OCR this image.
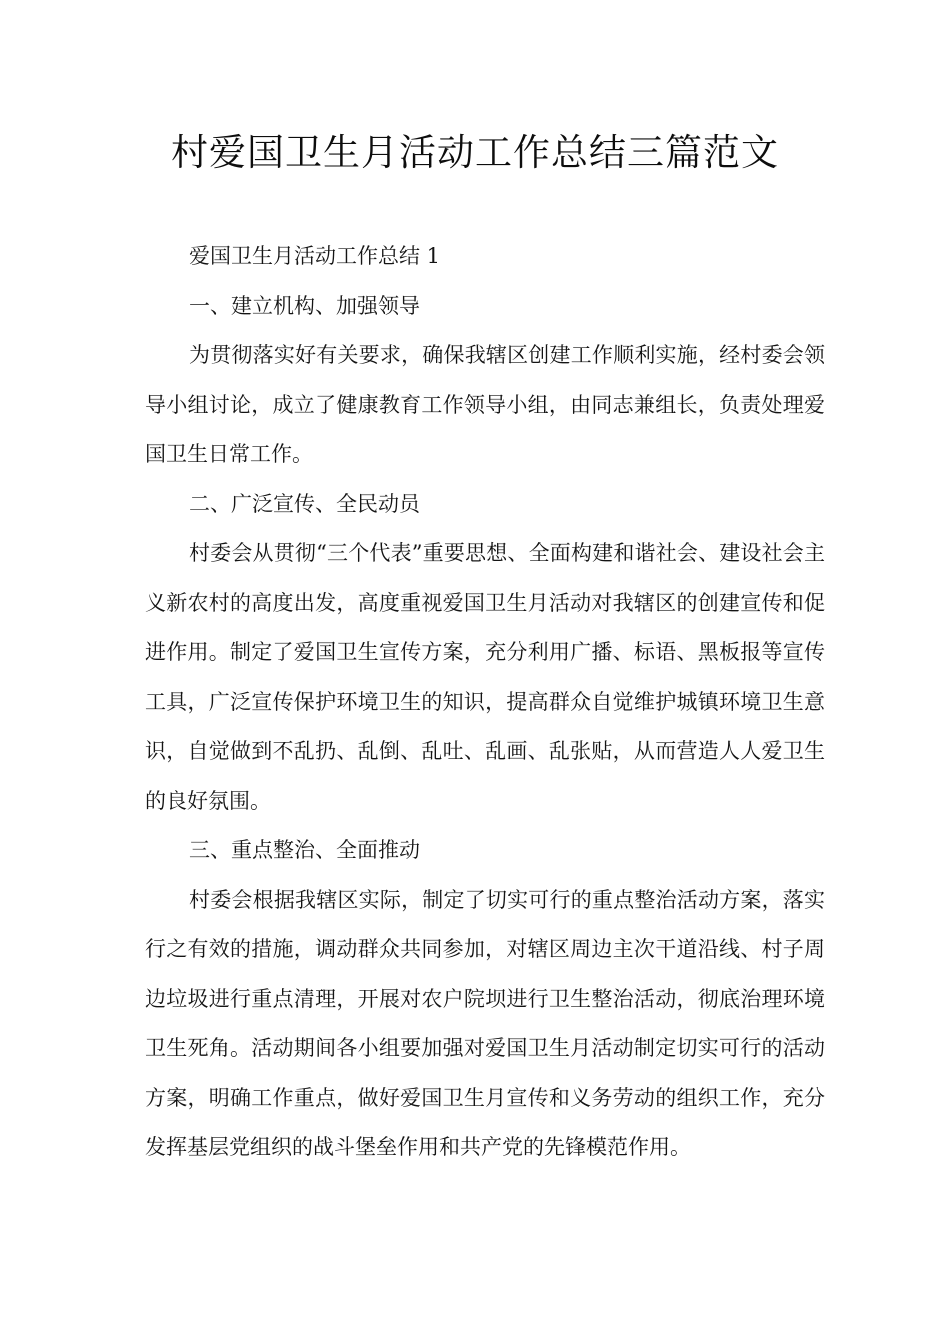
村爱国卫生月活动工作总结三篇范文

爱国卫生月活动工作总结 1

一、建立机构、加强领导

为贯彻落实好有关要求，确保我辖区创建工作顺利实施，经村委会领导小组讨论，成立了健康教育工作领导小组，由同志兼组长，负责处理爱国卫生日常工作。

二、广泛宣传、全民动员

村委会从贯彻“三个代表”重要思想、全面构建和谐社会、建设社会主义新农村的高度出发，高度重视爱国卫生月活动对我辖区的创建宣传和促进作用。制定了爱国卫生宣传方案，充分利用广播、标语、黑板报等宣传工具，广泛宣传保护环境卫生的知识，提高群众自觉维护城镇环境卫生意识，自觉做到不乱扔、乱倒、乱吐、乱画、乱张贴，从而营造人人爱卫生的良好氛围。

三、重点整治、全面推动

村委会根据我辖区实际，制定了切实可行的重点整治活动方案，落实行之有效的措施，调动群众共同参加，对辖区周边主次干道沿线、村子周边垃圾进行重点清理，开展对农户院坝进行卫生整治活动，彻底治理环境卫生死角。活动期间各小组要加强对爱国卫生月活动制定切实可行的活动方案，明确工作重点，做好爱国卫生月宣传和义务劳动的组织工作，充分发挥基层党组织的战斗堡垒作用和共产党的先锋模范作用。
